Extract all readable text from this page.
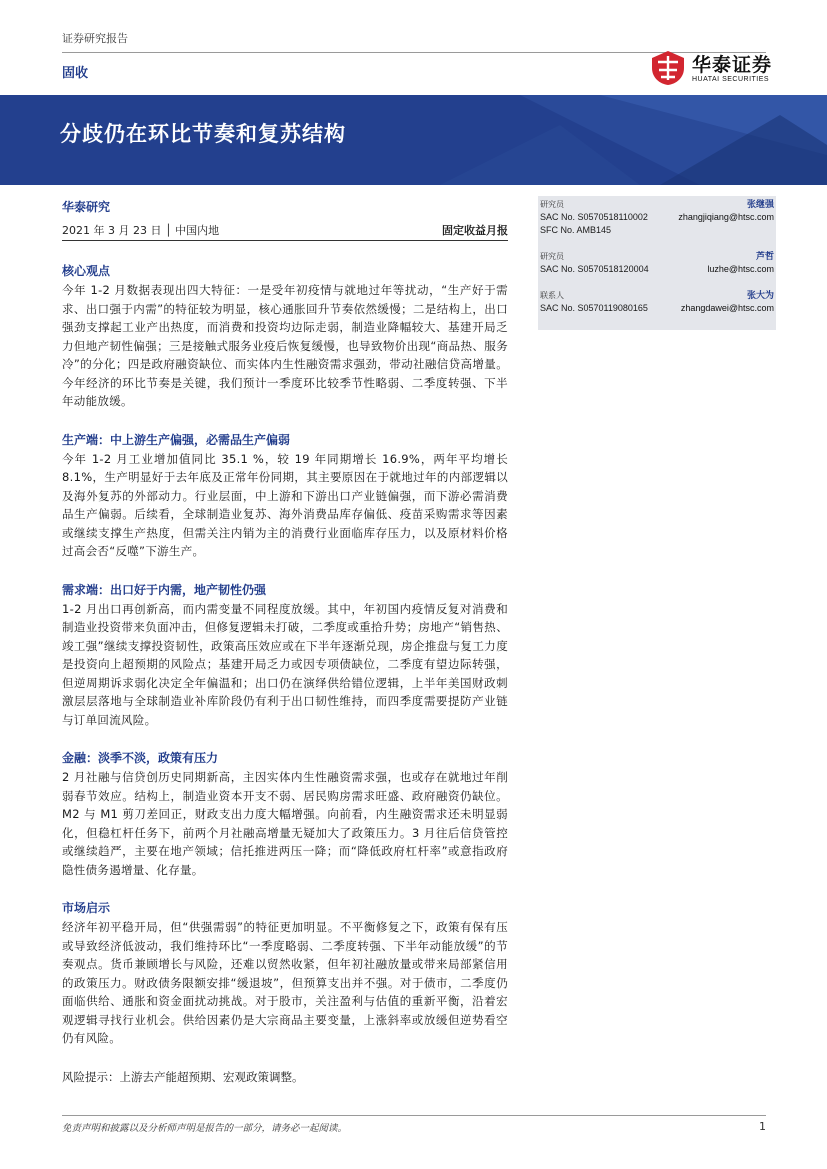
证券研究报告
固收	华泰证券
HUATAI SECURITIES
分歧仍在环比节奏和复苏结构
华泰研究
2021 年 3 月 23 日 │ 中国内地	固定收益月报
研究员	张继强
SAC No. S0570518110002	zhangjiqiang@htsc.com
SFC No. AMB145
研究员	芦哲
SAC No. S0570518120004	luzhe@htsc.com
联系人	张大为
SAC No. S0570119080165	zhangdawei@htsc.com
核心观点
今年 1-2 月数据表现出四大特征：一是受年初疫情与就地过年等扰动，“生产好于需求、出口强于内需”的特征较为明显，核心通胀回升节奏依然缓慢；二是结构上，出口强劲支撑起工业产出热度，而消费和投资均边际走弱，制造业降幅较大、基建开局乏力但地产韧性偏强；三是接触式服务业疫后恢复缓慢，也导致物价出现“商品热、服务冷”的分化；四是政府融资缺位、而实体内生性融资需求强劲，带动社融信贷高增量。今年经济的环比节奏是关键，我们预计一季度环比较季节性略弱、二季度转强、下半年动能放缓。
生产端：中上游生产偏强，必需品生产偏弱
今年 1-2 月工业增加值同比 35.1 %，较 19 年同期增长 16.9%，两年平均增长 8.1%，生产明显好于去年底及正常年份同期，其主要原因在于就地过年的内部逻辑以及海外复苏的外部动力。行业层面，中上游和下游出口产业链偏强，而下游必需消费品生产偏弱。后续看，全球制造业复苏、海外消费品库存偏低、疫苗采购需求等因素或继续支撑生产热度，但需关注内销为主的消费行业面临库存压力，以及原材料价格过高会否“反噬”下游生产。
需求端：出口好于内需，地产韧性仍强
1-2 月出口再创新高，而内需变量不同程度放缓。其中，年初国内疫情反复对消费和制造业投资带来负面冲击，但修复逻辑未打破，二季度或重拾升势；房地产“销售热、竣工强”继续支撑投资韧性，政策高压效应或在下半年逐渐兑现，房企推盘与复工力度是投资向上超预期的风险点；基建开局乏力或因专项债缺位，二季度有望边际转强，但逆周期诉求弱化决定全年偏温和；出口仍在演绎供给错位逻辑，上半年美国财政刺激层层落地与全球制造业补库阶段仍有利于出口韧性维持，而四季度需要提防产业链与订单回流风险。
金融：淡季不淡，政策有压力
2 月社融与信贷创历史同期新高，主因实体内生性融资需求强，也或存在就地过年削弱春节效应。结构上，制造业资本开支不弱、居民购房需求旺盛、政府融资仍缺位。M2 与 M1 剪刀差回正，财政支出力度大幅增强。向前看，内生融资需求还未明显弱化，但稳杠杆任务下，前两个月社融高增量无疑加大了政策压力。3 月往后信贷管控或继续趋严，主要在地产领域；信托推进两压一降；而“降低政府杠杆率”或意指政府隐性债务遏增量、化存量。
市场启示
经济年初平稳开局，但“供强需弱”的特征更加明显。不平衡修复之下，政策有保有压或导致经济低波动，我们维持环比“一季度略弱、二季度转强、下半年动能放缓”的节奏观点。货币兼顾增长与风险，还难以贸然收紧，但年初社融放量或带来局部紧信用的政策压力。财政债务限额安排“缓退坡”，但预算支出并不强。对于债市，二季度仍面临供给、通胀和资金面扰动挑战。对于股市，关注盈利与估值的重新平衡，沿着宏观逻辑寻找行业机会。供给因素仍是大宗商品主要变量，上涨斜率或放缓但逆势看空仍有风险。
风险提示：上游去产能超预期、宏观政策调整。
免责声明和披露以及分析师声明是报告的一部分，请务必一起阅读。	1
